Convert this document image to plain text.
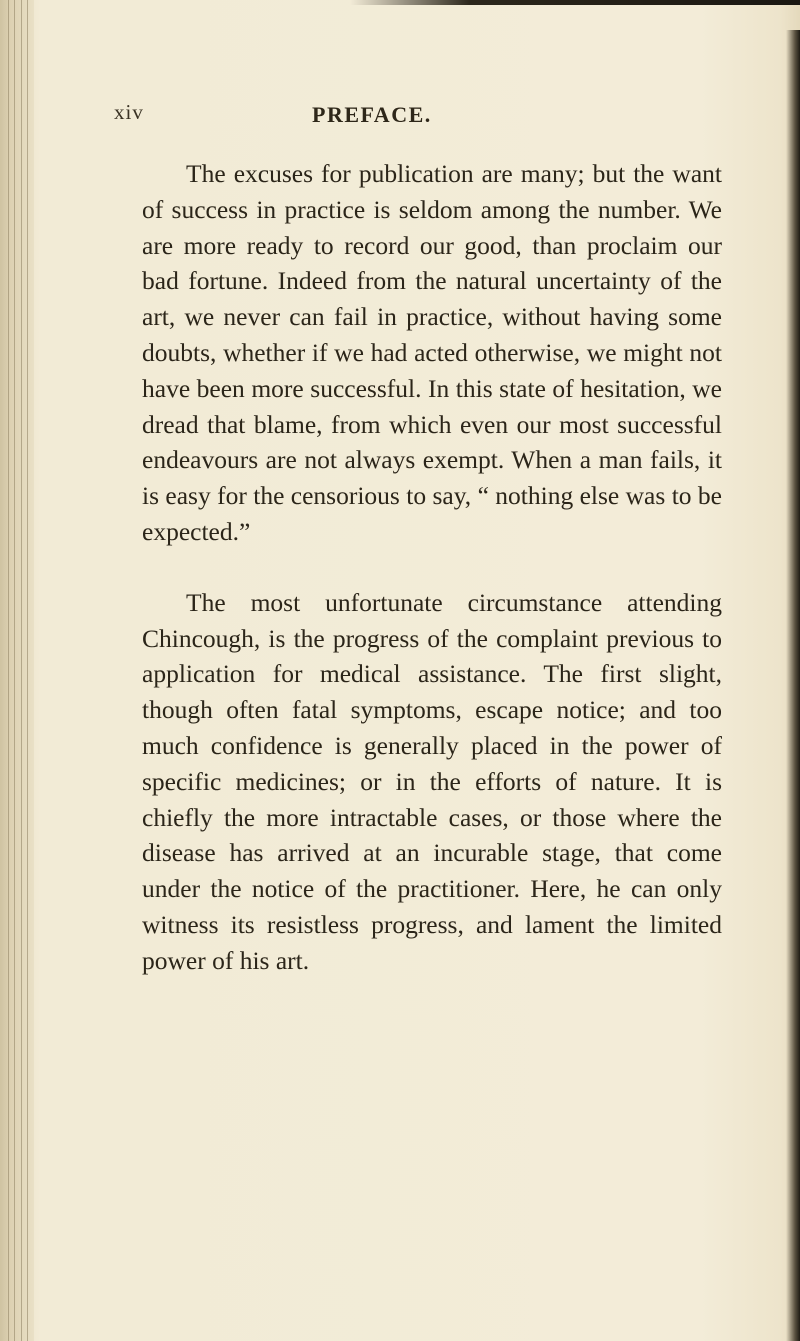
xiv	PREFACE.

The excuses for publication are many; but the want of success in practice is seldom among the number. We are more ready to record our good, than proclaim our bad fortune. Indeed from the natural uncertainty of the art, we never can fail in practice, without having some doubts, whether if we had acted otherwise, we might not have been more successful. In this state of hesitation, we dread that blame, from which even our most successful endeavours are not always exempt. When a man fails, it is easy for the censorious to say, “ nothing else was to be expected.”

The most unfortunate circumstance attending Chincough, is the progress of the complaint previous to application for medical assistance. The first slight, though often fatal symptoms, escape notice; and too much confidence is generally placed in the power of specific medicines; or in the efforts of nature. It is chiefly the more intractable cases, or those where the disease has arrived at an incurable stage, that come under the notice of the practitioner. Here, he can only witness its resistless progress, and lament the limited power of his art.
